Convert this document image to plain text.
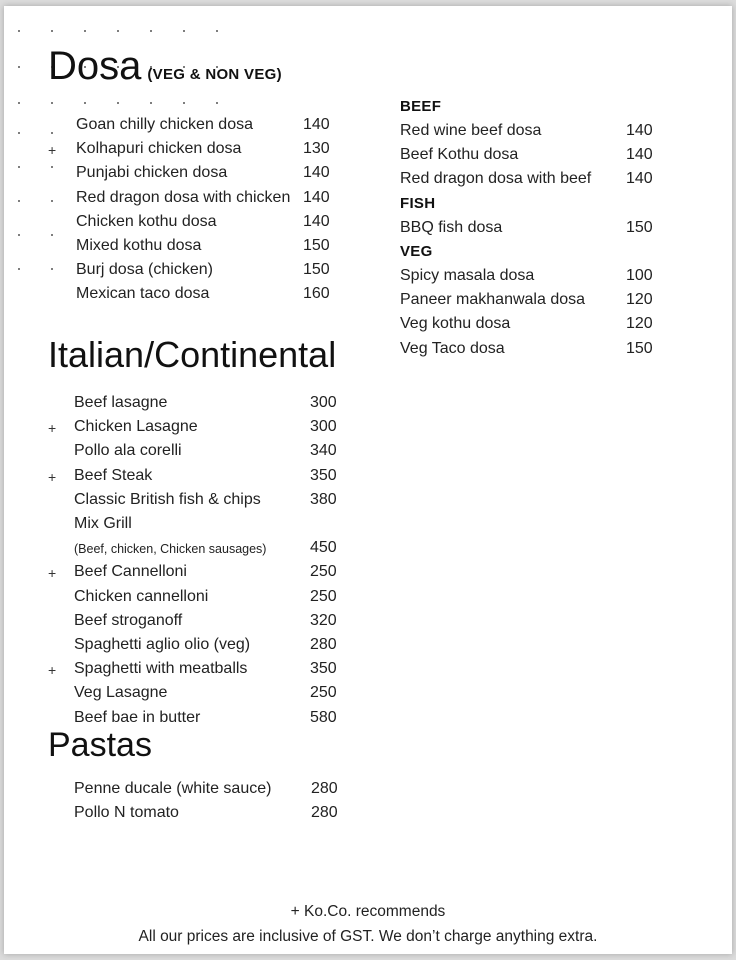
Dosa (VEG & NON VEG)
Goan chilly chicken dosa	140
+ Kolhapuri chicken dosa	130
Punjabi chicken dosa	140
Red dragon dosa with chicken 140
Chicken kothu dosa	140
Mixed kothu dosa	150
Burj dosa (chicken)	150
Mexican taco dosa	160
Italian/Continental
Beef lasagne	300
+ Chicken Lasagne	300
Pollo ala corelli	340
+ Beef Steak	350
Classic British fish & chips	380
Mix Grill
(Beef, chicken, Chicken sausages)	450
+ Beef Cannelloni	250
Chicken cannelloni	250
Beef stroganoff	320
Spaghetti aglio olio (veg)	280
+ Spaghetti with meatballs	350
Veg Lasagne	250
Beef bae in butter	580
Pastas
Penne ducale (white sauce) 280
Pollo N tomato	280
BEEF
Red wine beef dosa	140
Beef Kothu dosa	140
Red dragon dosa with beef 140
FISH
BBQ fish dosa	150
VEG
Spicy masala dosa	100
Paneer makhanwala dosa	120
Veg kothu dosa	120
Veg Taco dosa	150
+ Ko.Co. recommends
All our prices are inclusive of GST. We don’t charge anything extra.
